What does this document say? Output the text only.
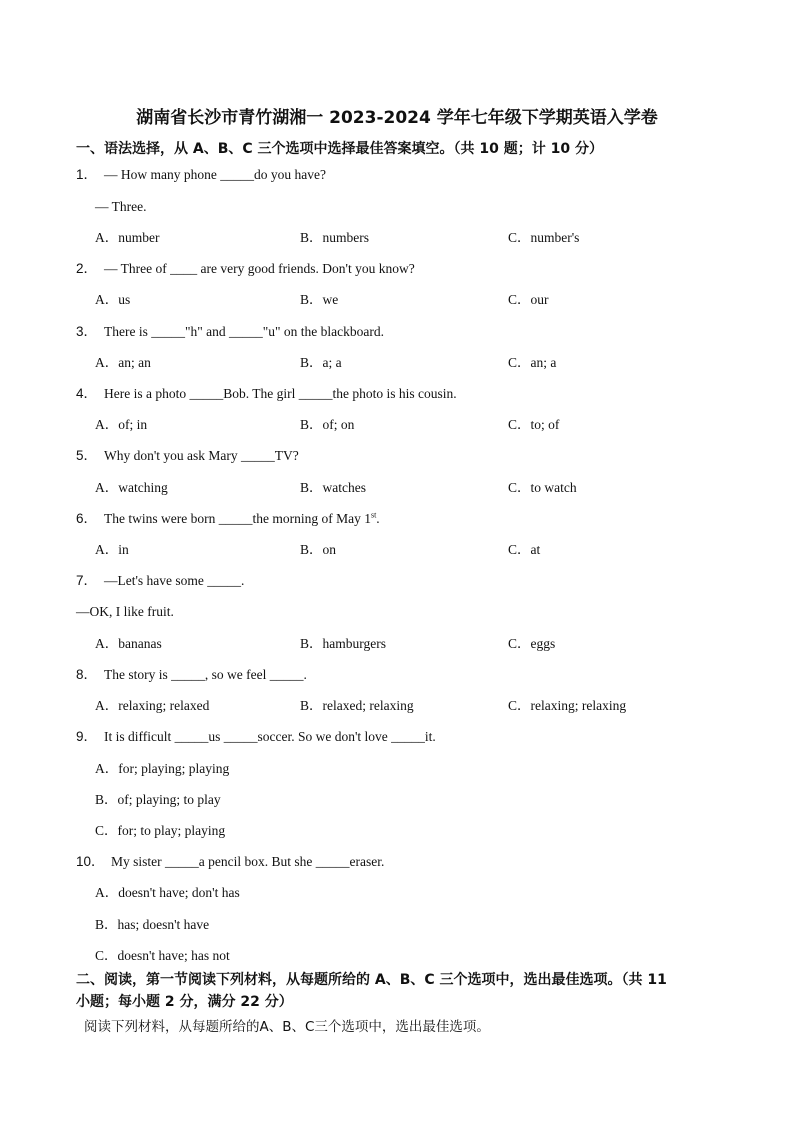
湖南省长沙市青竹湖湘一 2023-2024 学年七年级下学期英语入学卷
一、语法选择，从 A、B、C 三个选项中选择最佳答案填空。（共 10 题；计 10 分）
1． — How many phone _____do you have?
— Three.
A．number	B．numbers	C．number's
2． — Three of ____ are very good friends. Don't you know?
A．us	B．we	C．our
3． There is _____"h" and _____"u" on the blackboard.
A．an; an	B．a; a	C．an; a
4． Here is a photo _____Bob. The girl _____the photo is his cousin.
A．of; in	B．of; on	C．to; of
5． Why don't you ask Mary _____TV?
A．watching	B．watches	C．to watch
6． The twins were born _____the morning of May 1st.
A．in	B．on	C．at
7． —Let's have some _____.
—OK, I like fruit.
A．bananas	B．hamburgers	C．eggs
8． The story is _____, so we feel _____.
A．relaxing; relaxed	B．relaxed; relaxing	C．relaxing; relaxing
9． It is difficult _____us _____soccer. So we don't love _____it.
A．for; playing; playing
B．of; playing; to play
C．for; to play; playing
10． My sister _____a pencil box. But she _____eraser.
A．doesn't have; don't has
B．has; doesn't have
C．doesn't have; has not
二、阅读，第一节阅读下列材料，从每题所给的 A、B、C 三个选项中，选出最佳选项。（共 11
小题；每小题 2 分，满分 22 分）
阅读下列材料，从每题所给的A、B、C三个选项中，选出最佳选项。
